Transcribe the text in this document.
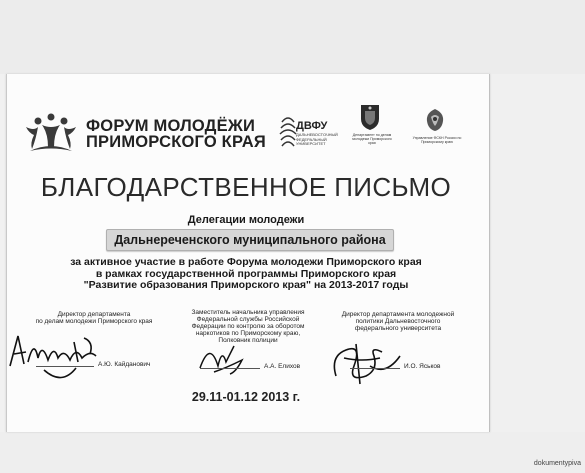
ФОРУМ МОЛОДЁЖИ
ПРИМОРСКОГО КРАЯ
ДВФУ
ДАЛЬНЕВОСТОЧНЫЙ ФЕДЕРАЛЬНЫЙ УНИВЕРСИТЕТ
Департамент по делам молодежи Приморского края
Управление ФСКН России по Приморскому краю
БЛАГОДАРСТВЕННОЕ ПИСЬМО
Делегации молодежи
Дальнереченского муниципального района
за активное участие в работе Форума молодежи Приморского края
в рамках государственной программы Приморского края
"Развитие образования Приморского края" на 2013-2017 годы
Директор департамента
по делам молодежи Приморского края
А.Ю. Кайданович
Заместитель начальника управления
Федеральной службы Российской
Федерации по контролю за оборотом
наркотиков по Приморскому краю,
Полковник полиции
А.А. Елихов
Директор департамента молодежной
политики Дальневосточного
федерального университета
И.О. Яськов
29.11-01.12 2013 г.
dokumentypiva
